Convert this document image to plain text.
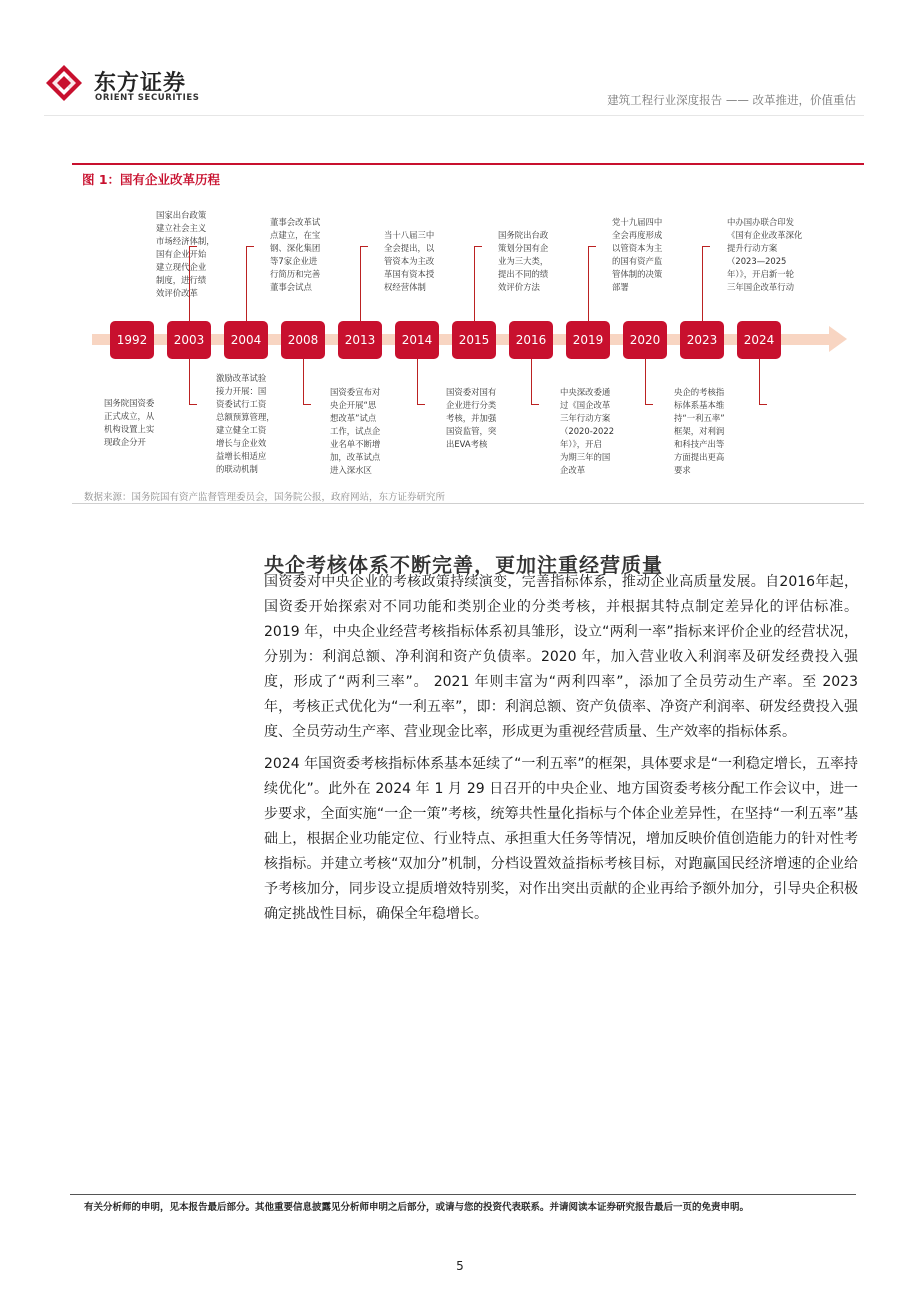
东方证券
ORIENT SECURITIES	建筑工程行业深度报告 —— 改革推进，价值重估
图 1：国有企业改革历程
1992	2003	2004	2008	2013	2014	2015	2016	2019	2020	2023	2024
国家出台政策
建立社会主义
市场经济体制，
国有企业开始
建立现代企业
制度，进行绩
效评价改革
董事会改革试
点建立，在宝
钢、深化集团
等7家企业进
行简历和完善
董事会试点
当十八届三中
全会提出，以
管资本为主改
革国有资本授
权经营体制
国务院出台政
策划分国有企
业为三大类，
提出不同的绩
效评价方法
党十九届四中
全会再度形成
以管资本为主
的国有资产监
管体制的决策
部署
中办国办联合印发
《国有企业改革深化
提升行动方案
（2023—2025
年）》，开启新一轮
三年国企改革行动
国务院国资委
正式成立，从
机构设置上实
现政企分开
激励改革试验
接力开展：国
资委试行工资
总额预算管理，
建立健全工资
增长与企业效
益增长相适应
的联动机制
国资委宣布对
央企开展“思
想改革”试点
工作，试点企
业名单不断增
加，改革试点
进入深水区
国资委对国有
企业进行分类
考核，并加强
国资监管，突
出EVA考核
中央深改委通
过《国企改革
三年行动方案
（2020-2022
年）》，开启
为期三年的国
企改革
央企的考核指
标体系基本维
持“一利五率”
框架，对利润
和科技产出等
方面提出更高
要求
数据来源：国务院国有资产监督管理委员会，国务院公报，政府网站，东方证券研究所
央企考核体系不断完善，更加注重经营质量

国资委对中央企业的考核政策持续演变，完善指标体系，推动企业高质量发展。自2016年起，国资委开始探索对不同功能和类别企业的分类考核，并根据其特点制定差异化的评估标准。2019 年，中央企业经营考核指标体系初具雏形，设立“两利一率”指标来评价企业的经营状况，分别为：利润总额、净利润和资产负债率。2020 年，加入营业收入利润率及研发经费投入强度，形成了“两利三率”。 2021 年则丰富为“两利四率”，添加了全员劳动生产率。至 2023 年，考核正式优化为“一利五率”，即：利润总额、资产负债率、净资产利润率、研发经费投入强度、全员劳动生产率、营业现金比率，形成更为重视经营质量、生产效率的指标体系。

2024 年国资委考核指标体系基本延续了“一利五率”的框架，具体要求是“一利稳定增长，五率持续优化”。此外在 2024 年 1 月 29 日召开的中央企业、地方国资委考核分配工作会议中，进一步要求，全面实施“一企一策”考核，统筹共性量化指标与个体企业差异性，在坚持“一利五率”基础上，根据企业功能定位、行业特点、承担重大任务等情况，增加反映价值创造能力的针对性考核指标。并建立考核“双加分”机制，分档设置效益指标考核目标，对跑赢国民经济增速的企业给予考核加分，同步设立提质增效特别奖，对作出突出贡献的企业再给予额外加分，引导央企积极确定挑战性目标，确保全年稳增长。

有关分析师的申明，见本报告最后部分。其他重要信息披露见分析师申明之后部分，或请与您的投资代表联系。并请阅读本证券研究报告最后一页的免责申明。
5
